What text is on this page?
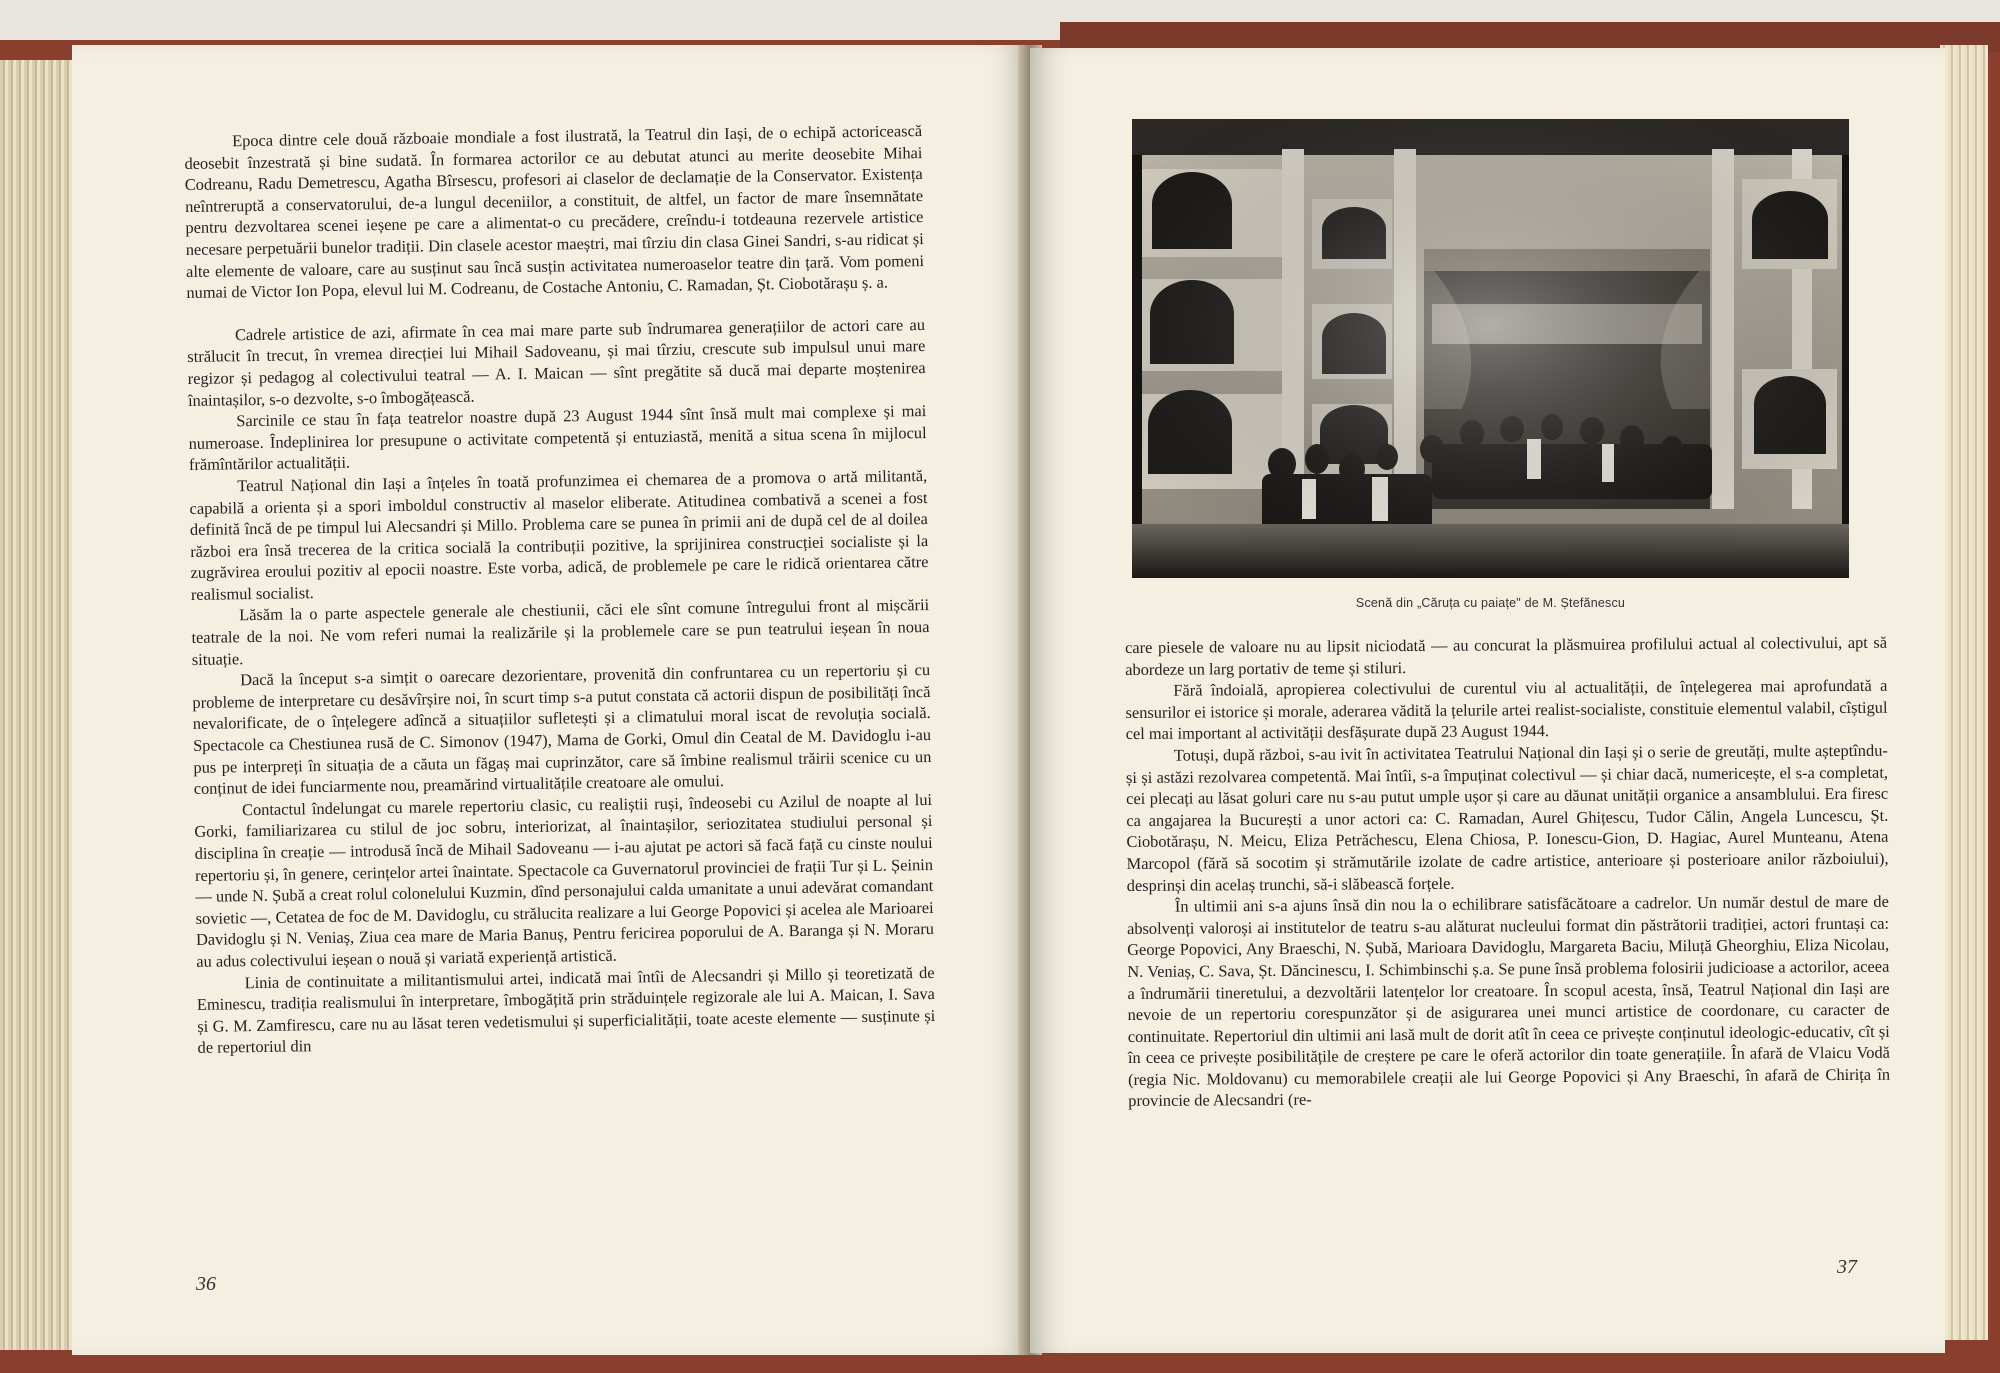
Epoca dintre cele două războaie mondiale a fost ilustrată, la Teatrul din Iași, de o echipă actoricească deosebit înzestrată și bine sudată. În formarea actorilor ce au debutat atunci au merite deosebite Mihai Codreanu, Radu Demetrescu, Agatha Bîrsescu, profesori ai claselor de declamație de la Conservator. Existența neîntreruptă a conservatorului, de-a lungul deceniilor, a constituit, de altfel, un factor de mare însemnătate pentru dezvoltarea scenei ieșene pe care a alimentat-o cu precădere, creîndu-i totdeauna rezervele artistice necesare perpetuării bunelor tradiții. Din clasele acestor maeștri, mai tîrziu din clasa Ginei Sandri, s-au ridicat și alte elemente de valoare, care au susținut sau încă susțin activitatea numeroaselor teatre din țară. Vom pomeni numai de Victor Ion Popa, elevul lui M. Codreanu, de Costache Antoniu, C. Ramadan, Șt. Ciobotărașu ș. a.

Cadrele artistice de azi, afirmate în cea mai mare parte sub îndrumarea generațiilor de actori care au strălucit în trecut, în vremea direcției lui Mihail Sadoveanu, și mai tîrziu, crescute sub impulsul unui mare regizor și pedagog al colectivului teatral — A. I. Maican — sînt pregătite să ducă mai departe moștenirea înaintașilor, s-o dezvolte, s-o îmbogățească.

Sarcinile ce stau în fața teatrelor noastre după 23 August 1944 sînt însă mult mai complexe și mai numeroase. Îndeplinirea lor presupune o activitate competentă și entuziastă, menită a situa scena în mijlocul frămîntărilor actualității.

Teatrul Național din Iași a înțeles în toată profunzimea ei chemarea de a promova o artă militantă, capabilă a orienta și a spori imboldul constructiv al maselor eliberate. Atitudinea combativă a scenei a fost definită încă de pe timpul lui Alecsandri și Millo. Problema care se punea în primii ani de după cel de al doilea război era însă trecerea de la critica socială la contribuții pozitive, la sprijinirea construcției socialiste și la zugrăvirea eroului pozitiv al epocii noastre. Este vorba, adică, de problemele pe care le ridică orientarea către realismul socialist.

Lăsăm la o parte aspectele generale ale chestiunii, căci ele sînt comune întregului front al mișcării teatrale de la noi. Ne vom referi numai la realizările și la problemele care se pun teatrului ieșean în noua situație.

Dacă la început s-a simțit o oarecare dezorientare, provenită din confruntarea cu un repertoriu și cu probleme de interpretare cu desăvîrșire noi, în scurt timp s-a putut constata că actorii dispun de posibilități încă nevalorificate, de o înțelegere adîncă a situațiilor sufletești și a climatului moral iscat de revoluția socială. Spectacole ca Chestiunea rusă de C. Simonov (1947), Mama de Gorki, Omul din Ceatal de M. Davidoglu i-au pus pe interpreți în situația de a căuta un făgaș mai cuprinzător, care să îmbine realismul trăirii scenice cu un conținut de idei funciarmente nou, preamărind virtualitățile creatoare ale omului.

Contactul îndelungat cu marele repertoriu clasic, cu realiștii ruși, îndeosebi cu Azilul de noapte al lui Gorki, familiarizarea cu stilul de joc sobru, interiorizat, al înaintașilor, seriozitatea studiului personal și disciplina în creație — introdusă încă de Mihail Sadoveanu — i-au ajutat pe actori să facă față cu cinste noului repertoriu și, în genere, cerințelor artei înaintate. Spectacole ca Guvernatorul provinciei de frații Tur și L. Șeinin — unde N. Șubă a creat rolul colonelului Kuzmin, dînd personajului calda umanitate a unui adevărat comandant sovietic —, Cetatea de foc de M. Davidoglu, cu strălucita realizare a lui George Popovici și acelea ale Marioarei Davidoglu și N. Veniaș, Ziua cea mare de Maria Banuș, Pentru fericirea poporului de A. Baranga și N. Moraru au adus colectivului ieșean o nouă și variată experiență artistică.

Linia de continuitate a militantismului artei, indicată mai întîi de Alecsandri și Millo și teoretizată de Eminescu, tradiția realismului în interpretare, îmbogățită prin străduințele regizorale ale lui A. Maican, I. Sava și G. M. Zamfirescu, care nu au lăsat teren vedetismului și superficialității, toate aceste elemente — susținute și de repertoriul din

36
Scenă din „Căruța cu paiațe" de M. Ștefănescu

care piesele de valoare nu au lipsit niciodată — au concurat la plăsmuirea profilului actual al colectivului, apt să abordeze un larg portativ de teme și stiluri.

Fără îndoială, apropierea colectivului de curentul viu al actualității, de înțelegerea mai aprofundată a sensurilor ei istorice și morale, aderarea vădită la țelurile artei realist-socialiste, constituie elementul valabil, cîștigul cel mai important al activității desfășurate după 23 August 1944.

Totuși, după război, s-au ivit în activitatea Teatrului Național din Iași și o serie de greutăți, multe așteptîndu-și și astăzi rezolvarea competentă. Mai întîi, s-a împuținat colectivul — și chiar dacă, numericește, el s-a completat, cei plecați au lăsat goluri care nu s-au putut umple ușor și care au dăunat unității organice a ansamblului. Era firesc ca angajarea la București a unor actori ca: C. Ramadan, Aurel Ghițescu, Tudor Călin, Angela Luncescu, Șt. Ciobotărașu, N. Meicu, Eliza Petrăchescu, Elena Chiosa, P. Ionescu-Gion, D. Hagiac, Aurel Munteanu, Atena Marcopol (fără să socotim și strămutările izolate de cadre artistice, anterioare și posterioare anilor războiului), desprinși din acelaș trunchi, să-i slăbească forțele.

În ultimii ani s-a ajuns însă din nou la o echilibrare satisfăcătoare a cadrelor. Un număr destul de mare de absolvenți valoroși ai institutelor de teatru s-au alăturat nucleului format din păstrătorii tradiției, actori fruntași ca: George Popovici, Any Braeschi, N. Șubă, Marioara Davidoglu, Margareta Baciu, Miluță Gheorghiu, Eliza Nicolau, N. Veniaș, C. Sava, Șt. Dăncinescu, I. Schimbinschi ș.a. Se pune însă problema folosirii judicioase a actorilor, aceea a îndrumării tineretului, a dezvoltării latențelor lor creatoare. În scopul acesta, însă, Teatrul Național din Iași are nevoie de un repertoriu corespunzător și de asigurarea unei munci artistice de coordonare, cu caracter de continuitate. Repertoriul din ultimii ani lasă mult de dorit atît în ceea ce privește conținutul ideologic-educativ, cît și în ceea ce privește posibilitățile de creștere pe care le oferă actorilor din toate generațiile. În afară de Vlaicu Vodă (regia Nic. Moldovanu) cu memorabilele creații ale lui George Popovici și Any Braeschi, în afară de Chirița în provincie de Alecsandri (re-

37
